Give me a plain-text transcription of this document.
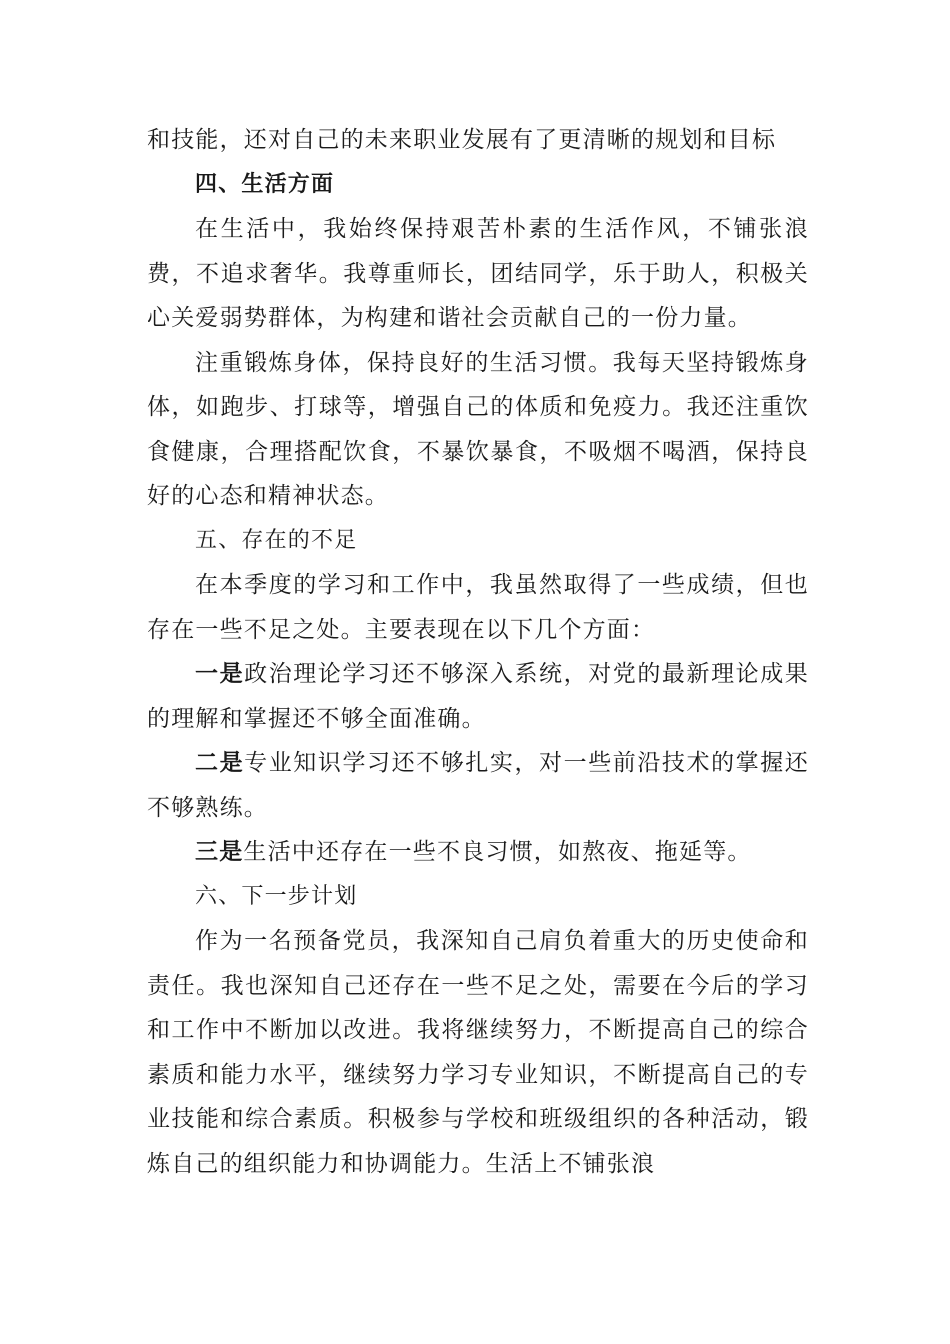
和技能，还对自己的未来职业发展有了更清晰的规划和目标

四、生活方面

在生活中，我始终保持艰苦朴素的生活作风，不铺张浪费，不追求奢华。我尊重师长，团结同学，乐于助人，积极关心关爱弱势群体，为构建和谐社会贡献自己的一份力量。

注重锻炼身体，保持良好的生活习惯。我每天坚持锻炼身体，如跑步、打球等，增强自己的体质和免疫力。我还注重饮食健康，合理搭配饮食，不暴饮暴食，不吸烟不喝酒，保持良好的心态和精神状态。

五、存在的不足

在本季度的学习和工作中，我虽然取得了一些成绩，但也存在一些不足之处。主要表现在以下几个方面：

一是政治理论学习还不够深入系统，对党的最新理论成果的理解和掌握还不够全面准确。

二是专业知识学习还不够扎实，对一些前沿技术的掌握还不够熟练。

三是生活中还存在一些不良习惯，如熬夜、拖延等。

六、下一步计划

作为一名预备党员，我深知自己肩负着重大的历史使命和责任。我也深知自己还存在一些不足之处，需要在今后的学习和工作中不断加以改进。我将继续努力，不断提高自己的综合素质和能力水平，继续努力学习专业知识，不断提高自己的专业技能和综合素质。积极参与学校和班级组织的各种活动，锻炼自己的组织能力和协调能力。生活上不铺张浪
